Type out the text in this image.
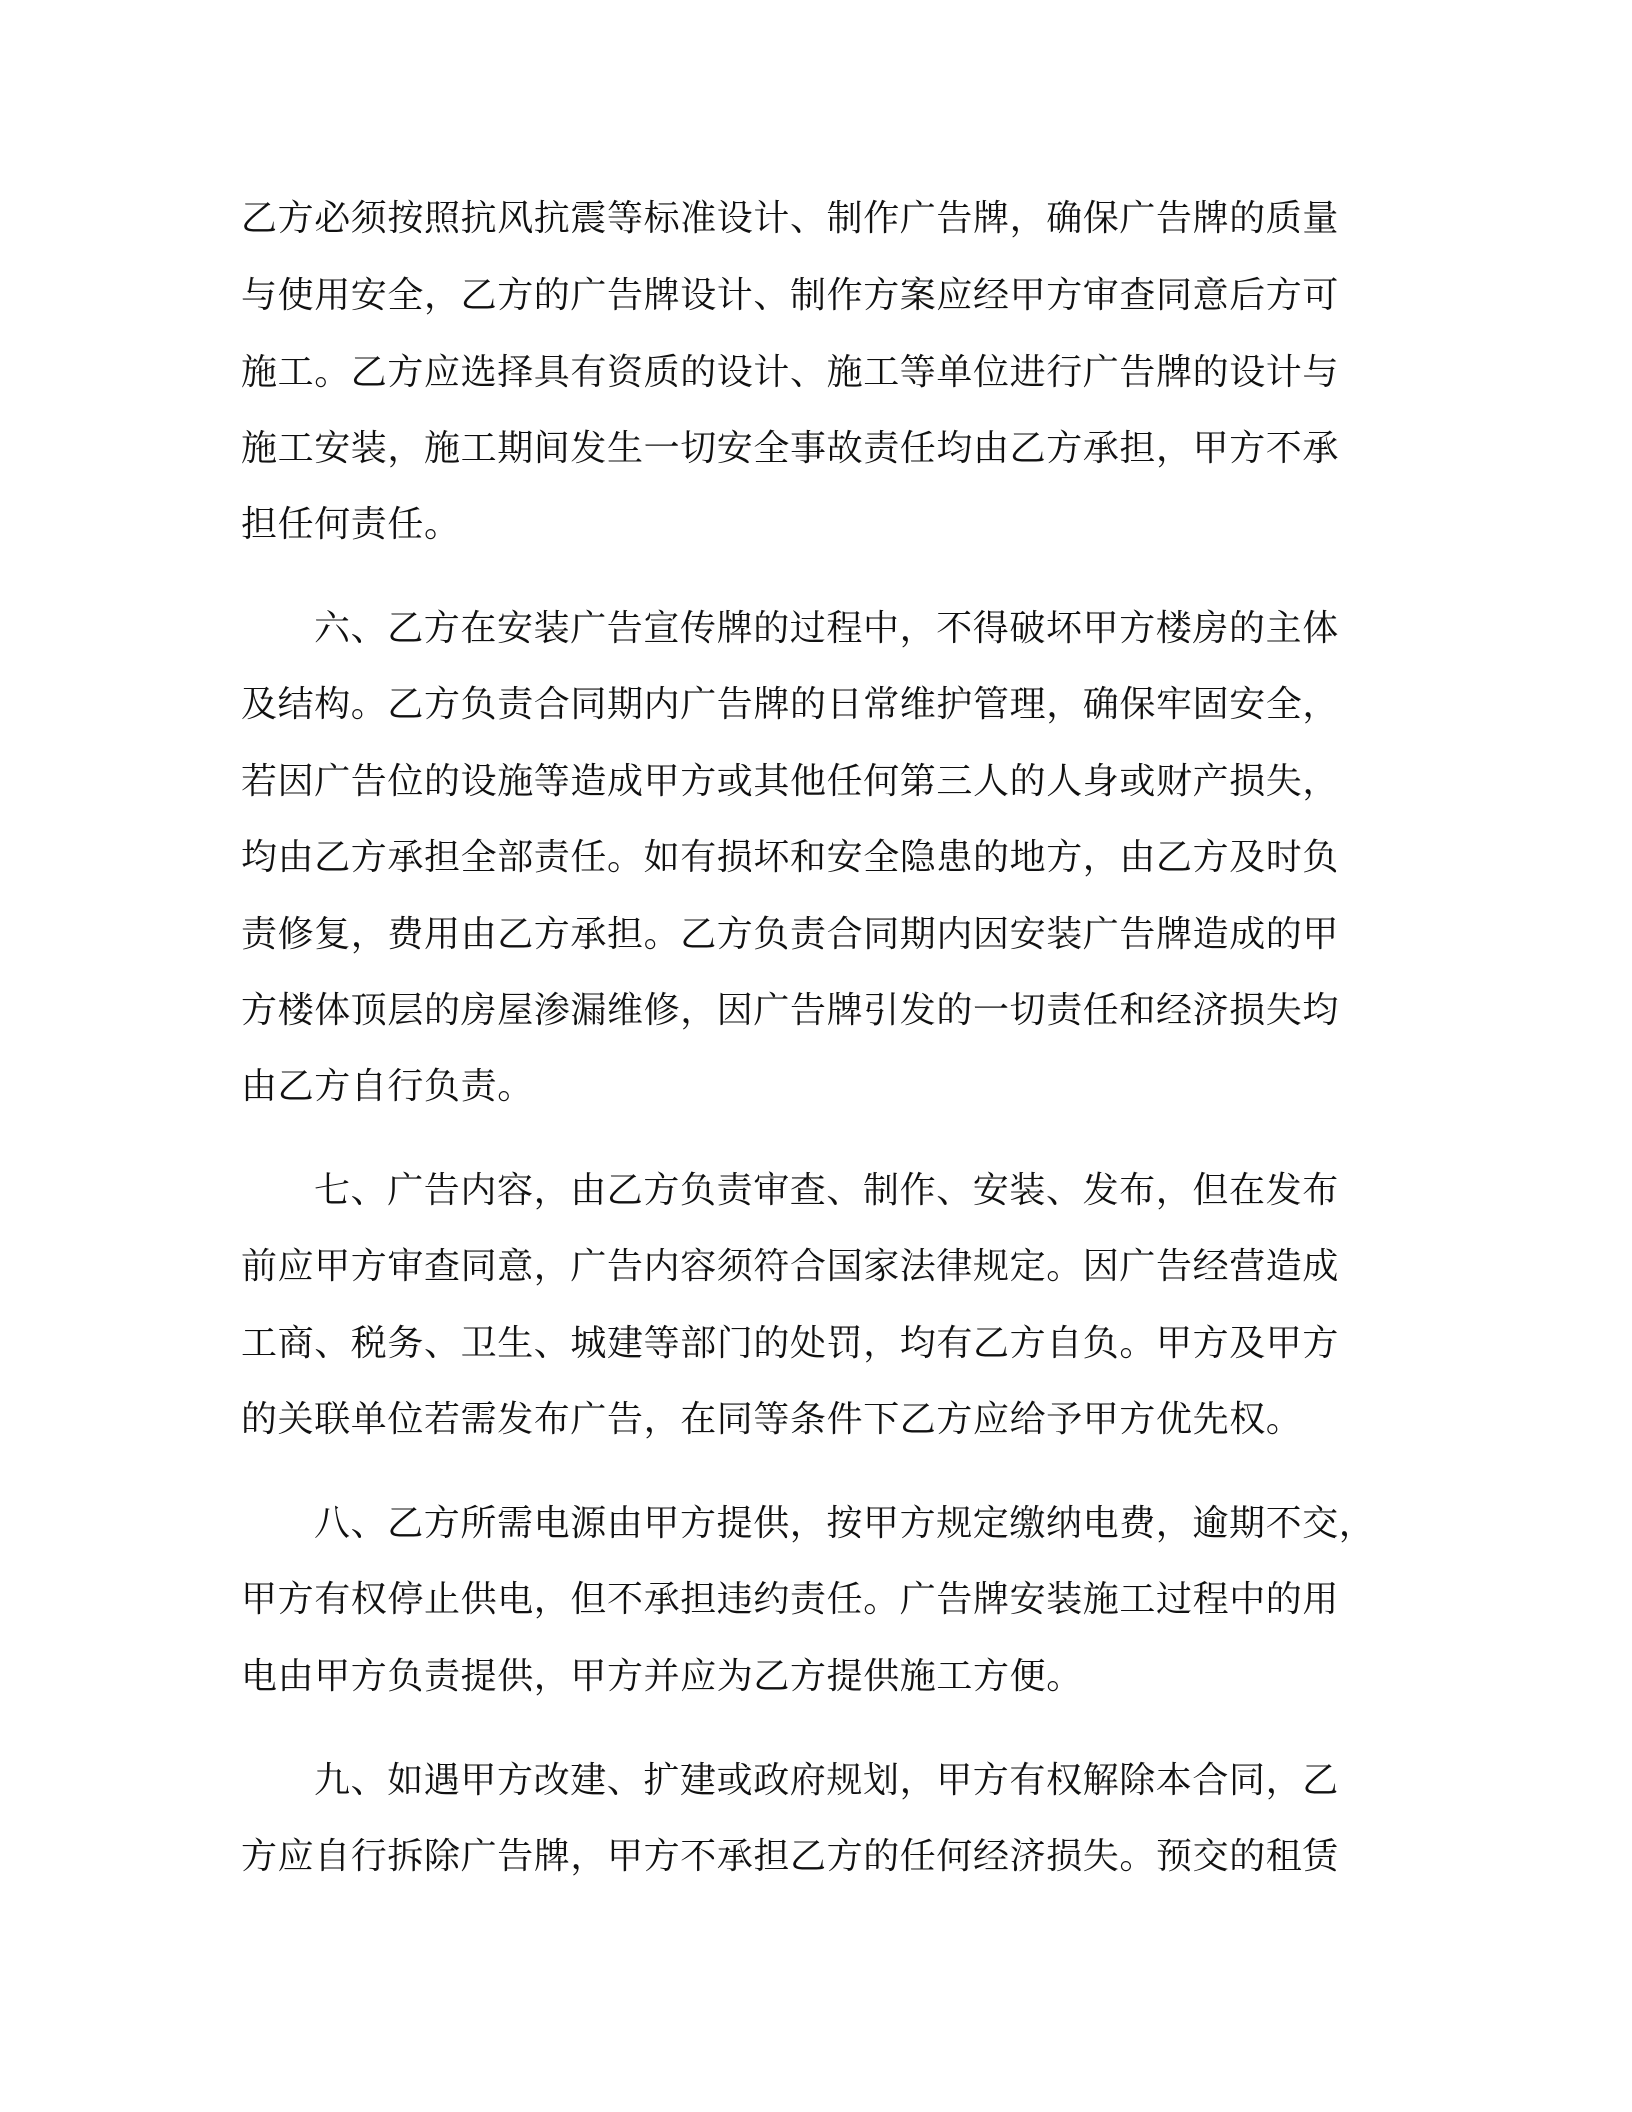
乙方必须按照抗风抗震等标准设计、制作广告牌，确保广告牌的质量

与使用安全，乙方的广告牌设计、制作方案应经甲方审查同意后方可

施工。乙方应选择具有资质的设计、施工等单位进行广告牌的设计与

施工安装，施工期间发生一切安全事故责任均由乙方承担，甲方不承

担任何责任。

六、乙方在安装广告宣传牌的过程中，不得破坏甲方楼房的主体

及结构。乙方负责合同期内广告牌的日常维护管理，确保牢固安全，

若因广告位的设施等造成甲方或其他任何第三人的人身或财产损失，

均由乙方承担全部责任。如有损坏和安全隐患的地方，由乙方及时负

责修复，费用由乙方承担。乙方负责合同期内因安装广告牌造成的甲

方楼体顶层的房屋渗漏维修，因广告牌引发的一切责任和经济损失均

由乙方自行负责。

七、广告内容，由乙方负责审查、制作、安装、发布，但在发布

前应甲方审查同意，广告内容须符合国家法律规定。因广告经营造成

工商、税务、卫生、城建等部门的处罚，均有乙方自负。甲方及甲方

的关联单位若需发布广告，在同等条件下乙方应给予甲方优先权。

八、乙方所需电源由甲方提供，按甲方规定缴纳电费，逾期不交，

甲方有权停止供电，但不承担违约责任。广告牌安装施工过程中的用

电由甲方负责提供，甲方并应为乙方提供施工方便。

九、如遇甲方改建、扩建或政府规划，甲方有权解除本合同，乙

方应自行拆除广告牌，甲方不承担乙方的任何经济损失。预交的租赁
